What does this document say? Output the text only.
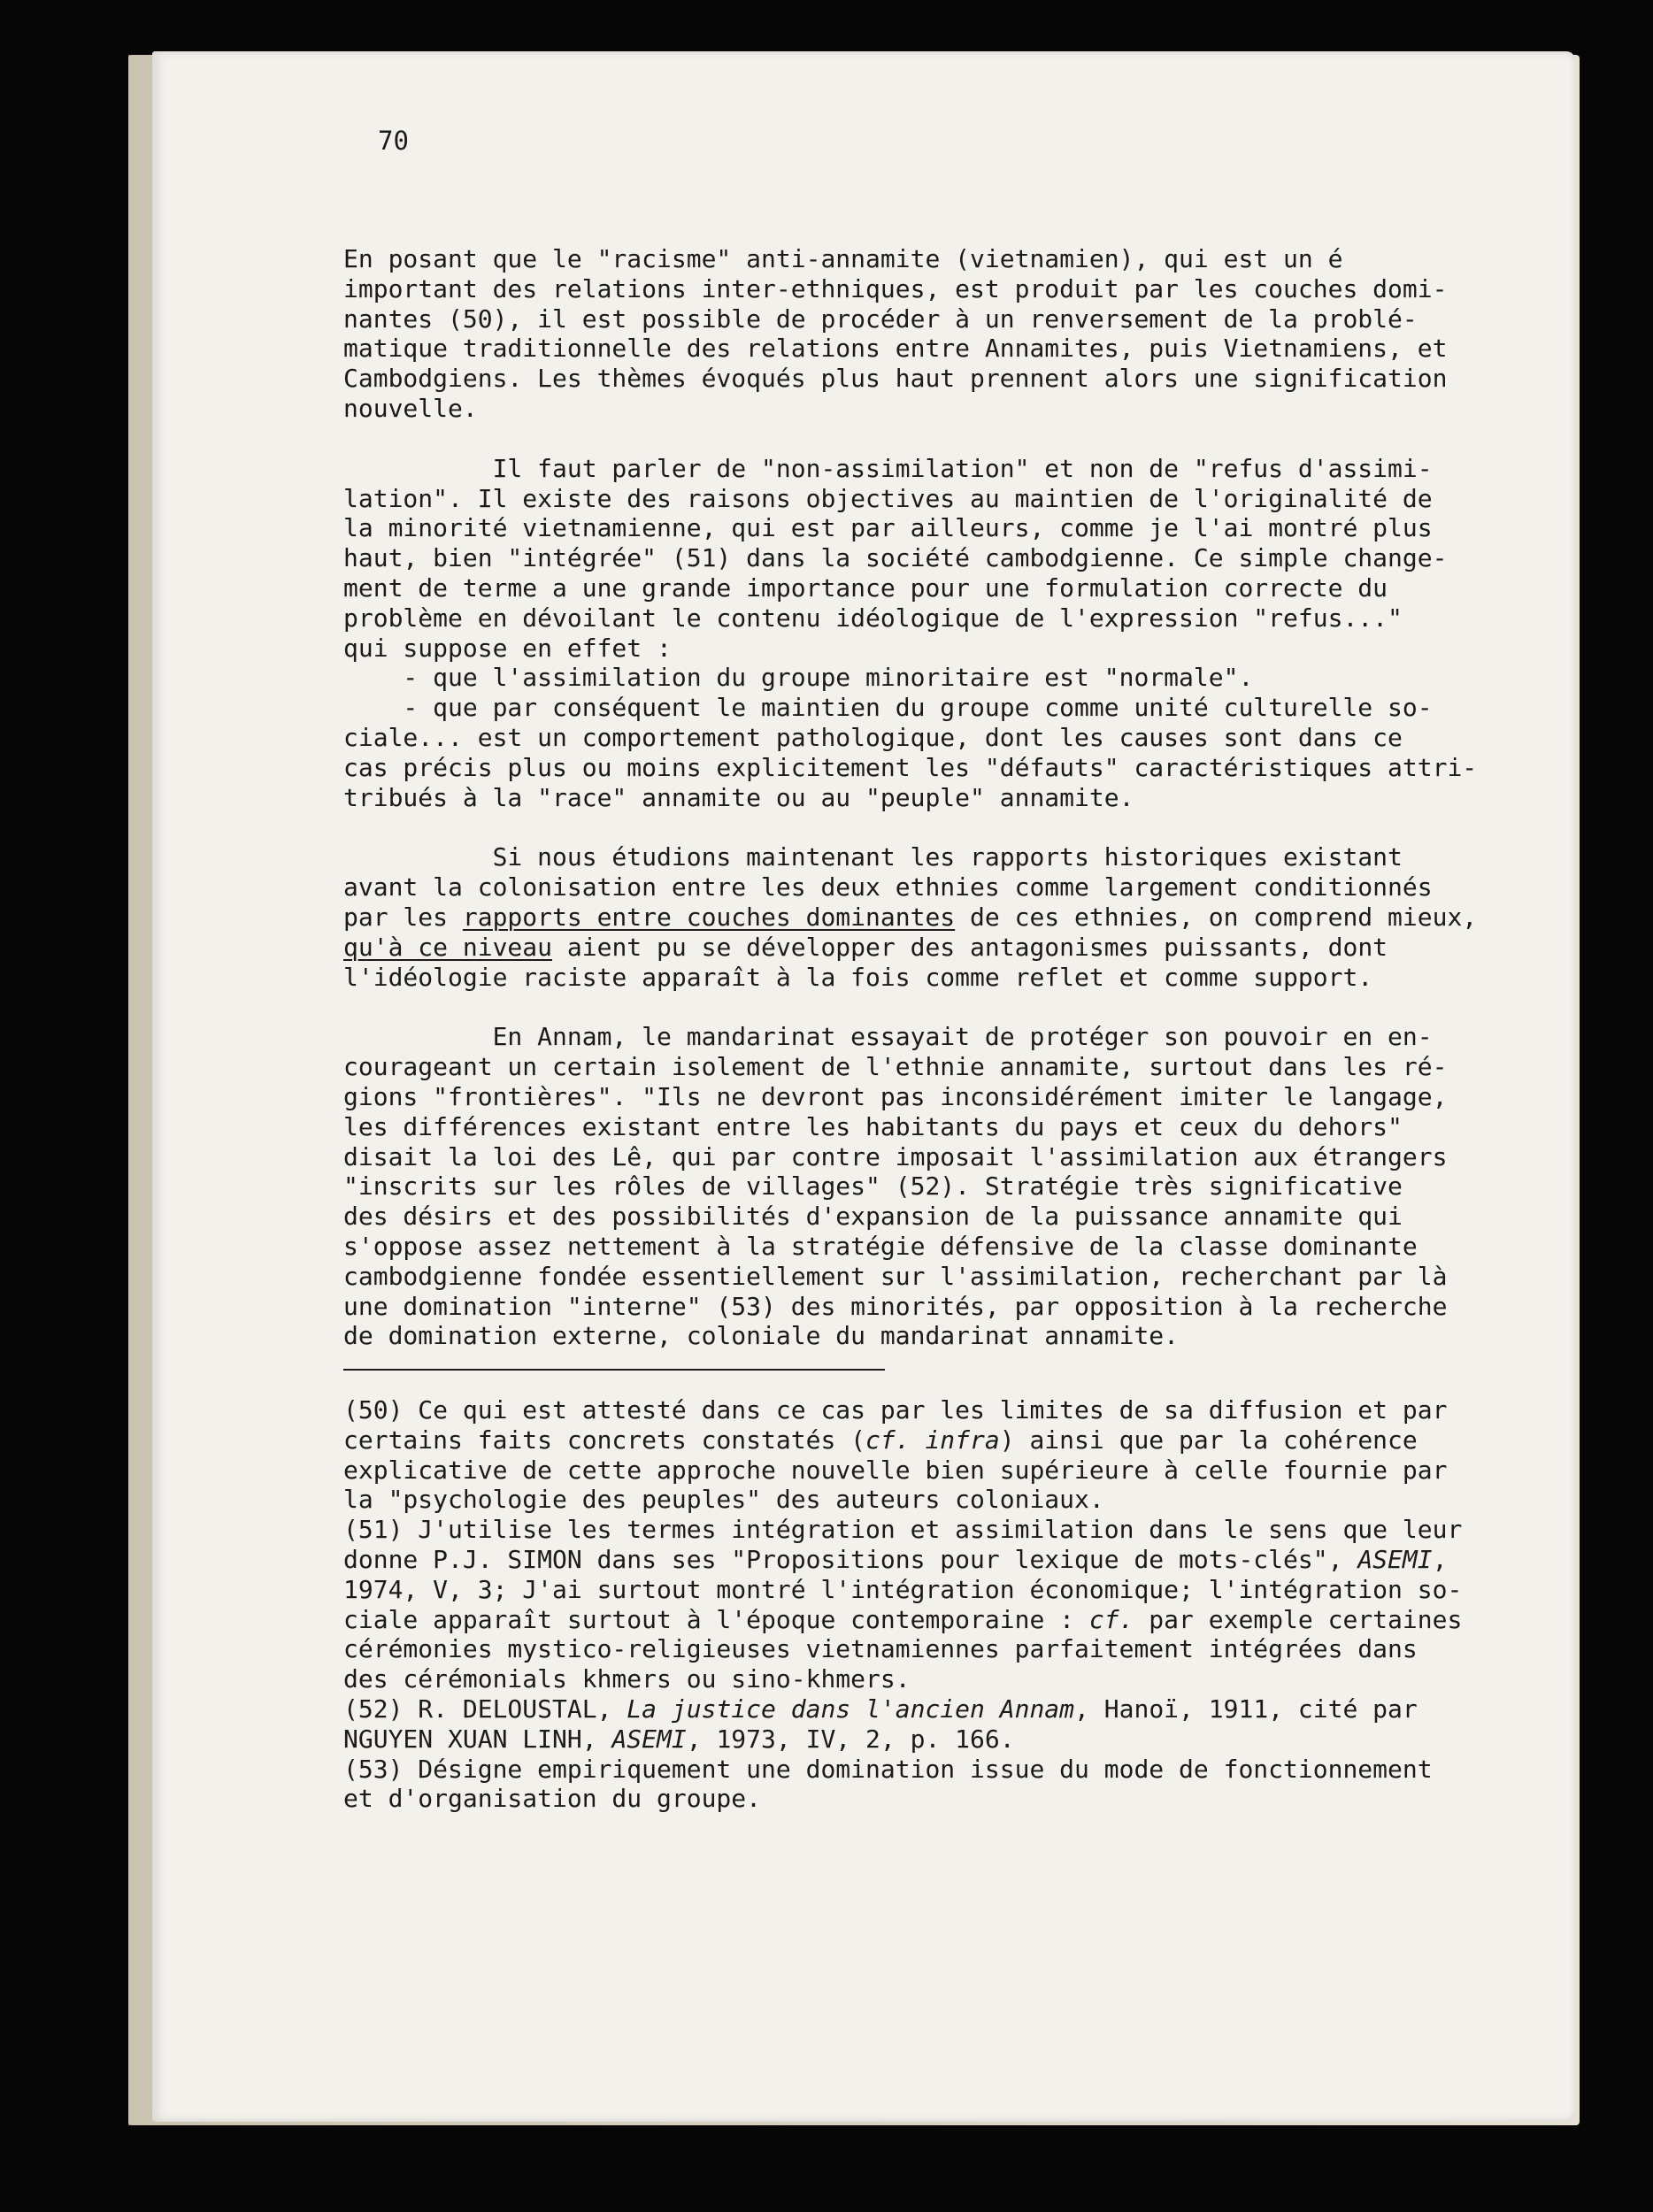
70

En posant que le "racisme" anti-annamite (vietnamien), qui est un é
important des relations inter-ethniques, est produit par les couches domi-
nantes (50), il est possible de procéder à un renversement de la problé-
matique traditionnelle des relations entre Annamites, puis Vietnamiens, et
Cambodgiens. Les thèmes évoqués plus haut prennent alors une signification
nouvelle.
Il faut parler de "non-assimilation" et non de "refus d'assimi-
lation". Il existe des raisons objectives au maintien de l'originalité de
la minorité vietnamienne, qui est par ailleurs, comme je l'ai montré plus
haut, bien "intégrée" (51) dans la société cambodgienne. Ce simple change-
ment de terme a une grande importance pour une formulation correcte du
problème en dévoilant le contenu idéologique de l'expression "refus..."
qui suppose en effet :
- que l'assimilation du groupe minoritaire est "normale".
- que par conséquent le maintien du groupe comme unité culturelle so-
ciale... est un comportement pathologique, dont les causes sont dans ce
cas précis plus ou moins explicitement les "défauts" caractéristiques attri-
tribués à la "race" annamite ou au "peuple" annamite.
Si nous étudions maintenant les rapports historiques existant
avant la colonisation entre les deux ethnies comme largement conditionnés
par les rapports entre couches dominantes de ces ethnies, on comprend mieux,
qu'à ce niveau aient pu se développer des antagonismes puissants, dont
l'idéologie raciste apparaît à la fois comme reflet et comme support.
En Annam, le mandarinat essayait de protéger son pouvoir en en-
courageant un certain isolement de l'ethnie annamite, surtout dans les ré-
gions "frontières". "Ils ne devront pas inconsidérément imiter le langage,
les différences existant entre les habitants du pays et ceux du dehors"
disait la loi des Lê, qui par contre imposait l'assimilation aux étrangers
"inscrits sur les rôles de villages" (52). Stratégie très significative
des désirs et des possibilités d'expansion de la puissance annamite qui
s'oppose assez nettement à la stratégie défensive de la classe dominante
cambodgienne fondée essentiellement sur l'assimilation, recherchant par là
une domination "interne" (53) des minorités, par opposition à la recherche
de domination externe, coloniale du mandarinat annamite.
(50) Ce qui est attesté dans ce cas par les limites de sa diffusion et par
certains faits concrets constatés (cf. infra) ainsi que par la cohérence
explicative de cette approche nouvelle bien supérieure à celle fournie par
la "psychologie des peuples" des auteurs coloniaux.
(51) J'utilise les termes intégration et assimilation dans le sens que leur
donne P.J. SIMON dans ses "Propositions pour lexique de mots-clés", ASEMI,
1974, V, 3; J'ai surtout montré l'intégration économique; l'intégration so-
ciale apparaît surtout à l'époque contemporaine : cf. par exemple certaines
cérémonies mystico-religieuses vietnamiennes parfaitement intégrées dans
des cérémonials khmers ou sino-khmers.
(52) R. DELOUSTAL, La justice dans l'ancien Annam, Hanoï, 1911, cité par
NGUYEN XUAN LINH, ASEMI, 1973, IV, 2, p. 166.
(53) Désigne empiriquement une domination issue du mode de fonctionnement
et d'organisation du groupe.
